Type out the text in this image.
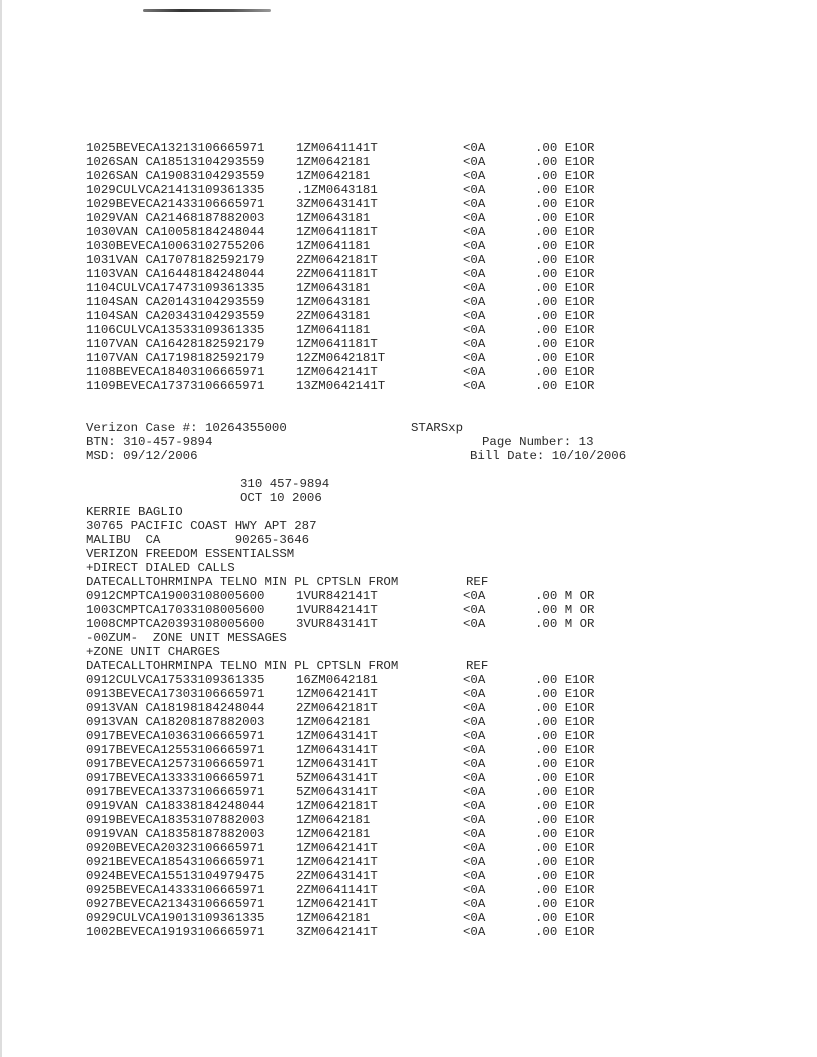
1025BEVECA13213106665971	1ZM0641141T	<0A	.00 E1OR
1026SAN CA18513104293559	1ZM0642181	<0A	.00 E1OR
1026SAN CA19083104293559	1ZM0642181	<0A	.00 E1OR
1029CULVCA21413109361335	.1ZM0643181	<0A	.00 E1OR
1029BEVECA21433106665971	3ZM0643141T	<0A	.00 E1OR
1029VAN CA21468187882003	1ZM0643181	<0A	.00 E1OR
1030VAN CA10058184248044	1ZM0641181T	<0A	.00 E1OR
1030BEVECA10063102755206	1ZM0641181	<0A	.00 E1OR
1031VAN CA17078182592179	2ZM0642181T	<0A	.00 E1OR
1103VAN CA16448184248044	2ZM0641181T	<0A	.00 E1OR
1104CULVCA17473109361335	1ZM0643181	<0A	.00 E1OR
1104SAN CA20143104293559	1ZM0643181	<0A	.00 E1OR
1104SAN CA20343104293559	2ZM0643181	<0A	.00 E1OR
1106CULVCA13533109361335	1ZM0641181	<0A	.00 E1OR
1107VAN CA16428182592179	1ZM0641181T	<0A	.00 E1OR
1107VAN CA17198182592179	12ZM0642181T	<0A	.00 E1OR
1108BEVECA18403106665971	1ZM0642141T	<0A	.00 E1OR
1109BEVECA17373106665971	13ZM0642141T	<0A	.00 E1OR
Verizon Case #: 10264355000	STARSxp
BTN: 310-457-9894	Page Number: 13
MSD: 09/12/2006	Bill Date: 10/10/2006
310 457-9894
OCT 10 2006
KERRIE BAGLIO
30765 PACIFIC COAST HWY APT 287
MALIBU  CA          90265-3646
VERIZON FREEDOM ESSENTIALSSM
+DIRECT DIALED CALLS
DATECALLTOHRMINPA TELNO MIN PL CPTSLN FROM	REF
0912CMPTCA19003108005600	1VUR842141T	<0A	.00 M OR
1003CMPTCA17033108005600	1VUR842141T	<0A	.00 M OR
1008CMPTCA20393108005600	3VUR843141T	<0A	.00 M OR
-00ZUM-  ZONE UNIT MESSAGES
+ZONE UNIT CHARGES
DATECALLTOHRMINPA TELNO MIN PL CPTSLN FROM	REF
0912CULVCA17533109361335	16ZM0642181	<0A	.00 E1OR
0913BEVECA17303106665971	1ZM0642141T	<0A	.00 E1OR
0913VAN CA18198184248044	2ZM0642181T	<0A	.00 E1OR
0913VAN CA18208187882003	1ZM0642181	<0A	.00 E1OR
0917BEVECA10363106665971	1ZM0643141T	<0A	.00 E1OR
0917BEVECA12553106665971	1ZM0643141T	<0A	.00 E1OR
0917BEVECA12573106665971	1ZM0643141T	<0A	.00 E1OR
0917BEVECA13333106665971	5ZM0643141T	<0A	.00 E1OR
0917BEVECA13373106665971	5ZM0643141T	<0A	.00 E1OR
0919VAN CA18338184248044	1ZM0642181T	<0A	.00 E1OR
0919BEVECA18353107882003	1ZM0642181	<0A	.00 E1OR
0919VAN CA18358187882003	1ZM0642181	<0A	.00 E1OR
0920BEVECA20323106665971	1ZM0642141T	<0A	.00 E1OR
0921BEVECA18543106665971	1ZM0642141T	<0A	.00 E1OR
0924BEVECA15513104979475	2ZM0643141T	<0A	.00 E1OR
0925BEVECA14333106665971	2ZM0641141T	<0A	.00 E1OR
0927BEVECA21343106665971	1ZM0642141T	<0A	.00 E1OR
0929CULVCA19013109361335	1ZM0642181	<0A	.00 E1OR
1002BEVECA19193106665971	3ZM0642141T	<0A	.00 E1OR
